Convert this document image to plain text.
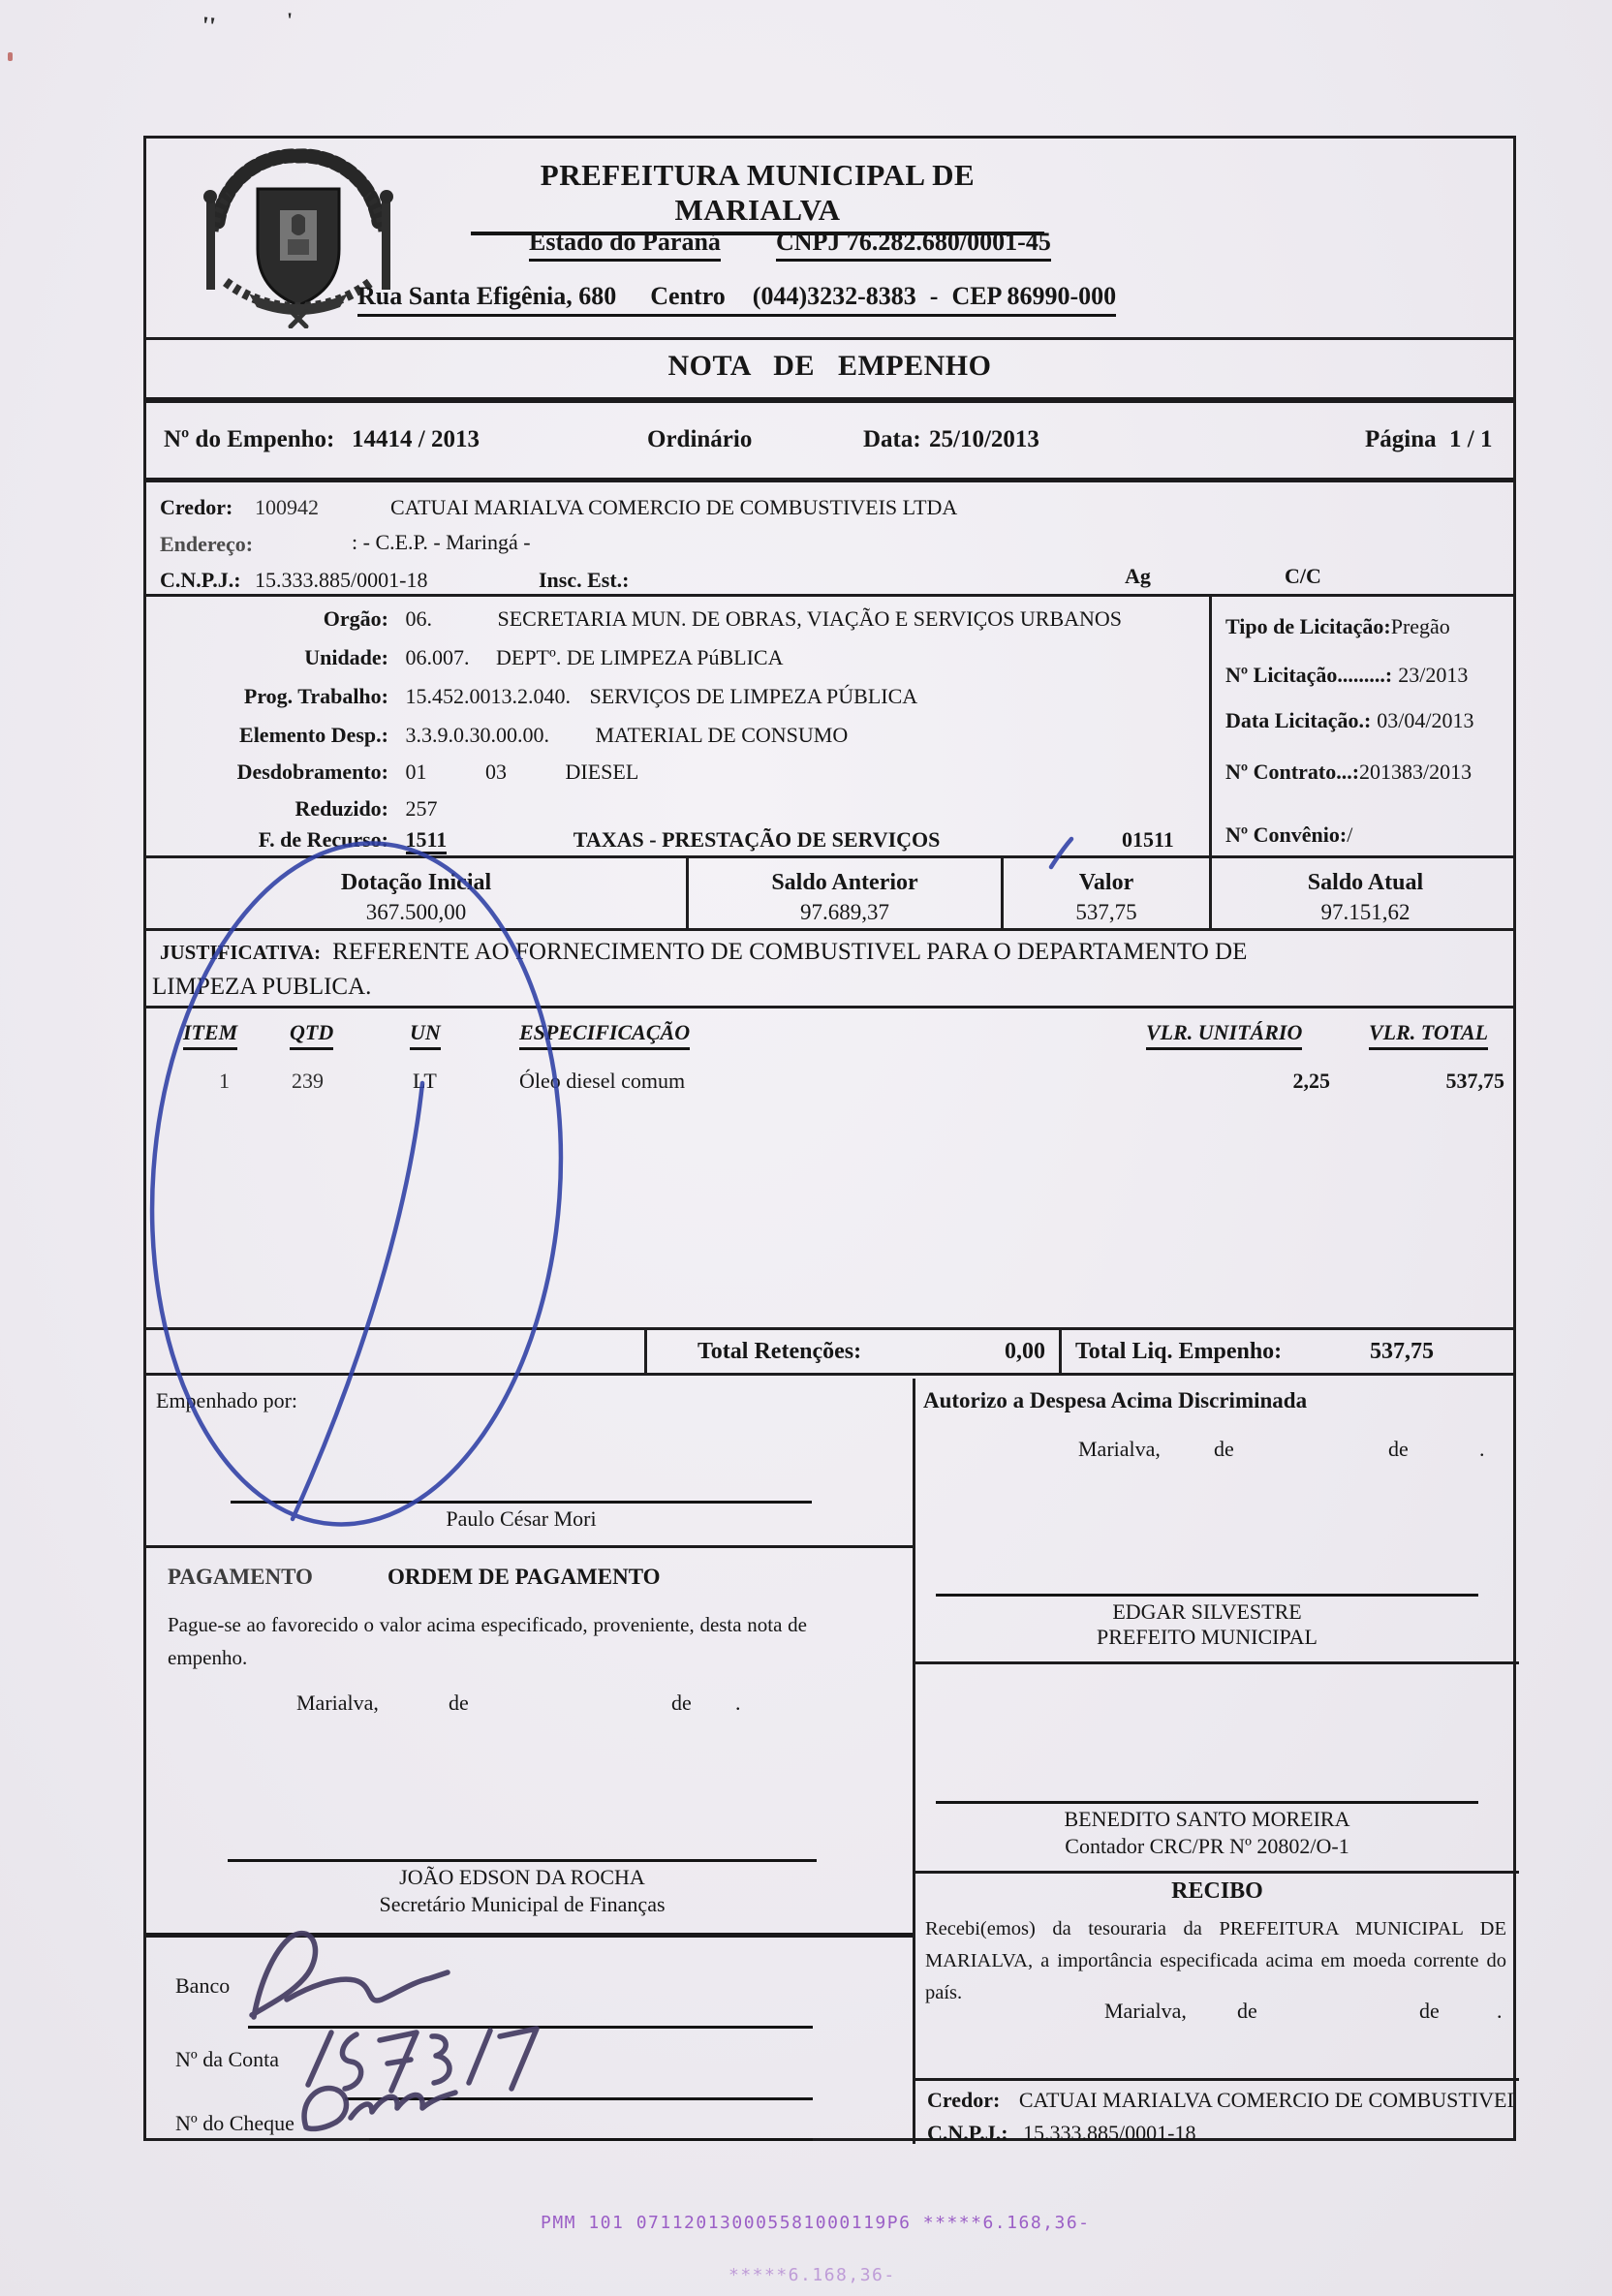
''	'
PREFEITURA MUNICIPAL DE MARIALVA
Estado do Paraná CNPJ 76.282.680/0001-45
Rua Santa Efigênia, 680 Centro (044)3232-8383 - CEP 86990-000
NOTA DE EMPENHO
Nº do Empenho: 14414 / 2013	Ordinário	Data: 25/10/2013	Página 1 / 1
Credor: 100942	CATUAI MARIALVA COMERCIO DE COMBUSTIVEIS LTDA
Endereço:	: - C.E.P. - Maringá -
C.N.P.J.: 15.333.885/0001-18	Insc. Est.:	Ag	C/C
Orgão: 06.	SECRETARIA MUN. DE OBRAS, VIAÇÃO E SERVIÇOS URBANOS
Unidade: 06.007. DEPTº. DE LIMPEZA PúBLICA
Prog. Trabalho: 15.452.0013.2.040. SERVIÇOS DE LIMPEZA PÚBLICA
Elemento Desp.: 3.3.9.0.30.00.00. MATERIAL DE CONSUMO
Desdobramento: 01	03	DIESEL
Reduzido: 257
F. de Recurso: 1511	TAXAS - PRESTAÇÃO DE SERVIÇOS	01511
Tipo de Licitação:Pregão
Nº Licitação.........: 23/2013
Data Licitação.: 03/04/2013
Nº Contrato...:201383/2013
Nº Convênio:/
Dotação Inicial
367.500,00
Saldo Anterior
97.689,37
Valor
537,75
Saldo Atual
97.151,62
JUSTIFICATIVA: REFERENTE AO FORNECIMENTO DE COMBUSTIVEL PARA O DEPARTAMENTO DE
LIMPEZA PUBLICA.
ITEM QTD	UN	ESPECIFICAÇÃO	VLR. UNITÁRIO	VLR. TOTAL
1	239	LT	Óleo diesel comum	2,25	537,75
Total Retenções:	0,00	Total Liq. Empenho:	537,75
Empenhado por:
Paulo César Mori
PAGAMENTO	ORDEM DE PAGAMENTO
Pague-se ao favorecido o valor acima especificado, proveniente, desta nota de empenho.
Marialva,	de	de .
JOÃO EDSON DA ROCHA
Secretário Municipal de Finanças
Banco
Nº da Conta
Nº do Cheque
Autorizo a Despesa Acima Discriminada
Marialva,	de	de	.
EDGAR SILVESTRE
PREFEITO MUNICIPAL
BENEDITO SANTO MOREIRA
Contador CRC/PR Nº 20802/O-1
RECIBO
Recebi(emos) da tesouraria da PREFEITURA MUNICIPAL DE MARIALVA, a importância especificada acima em moeda corrente do país.
Marialva, de	de	.
Credor: CATUAI MARIALVA COMERCIO DE COMBUSTIVEI
C.N.P.J.: 15.333.885/0001-18
PMM 101 071120130005581000119P6 *****6.168,36-
*****6.168,36-
